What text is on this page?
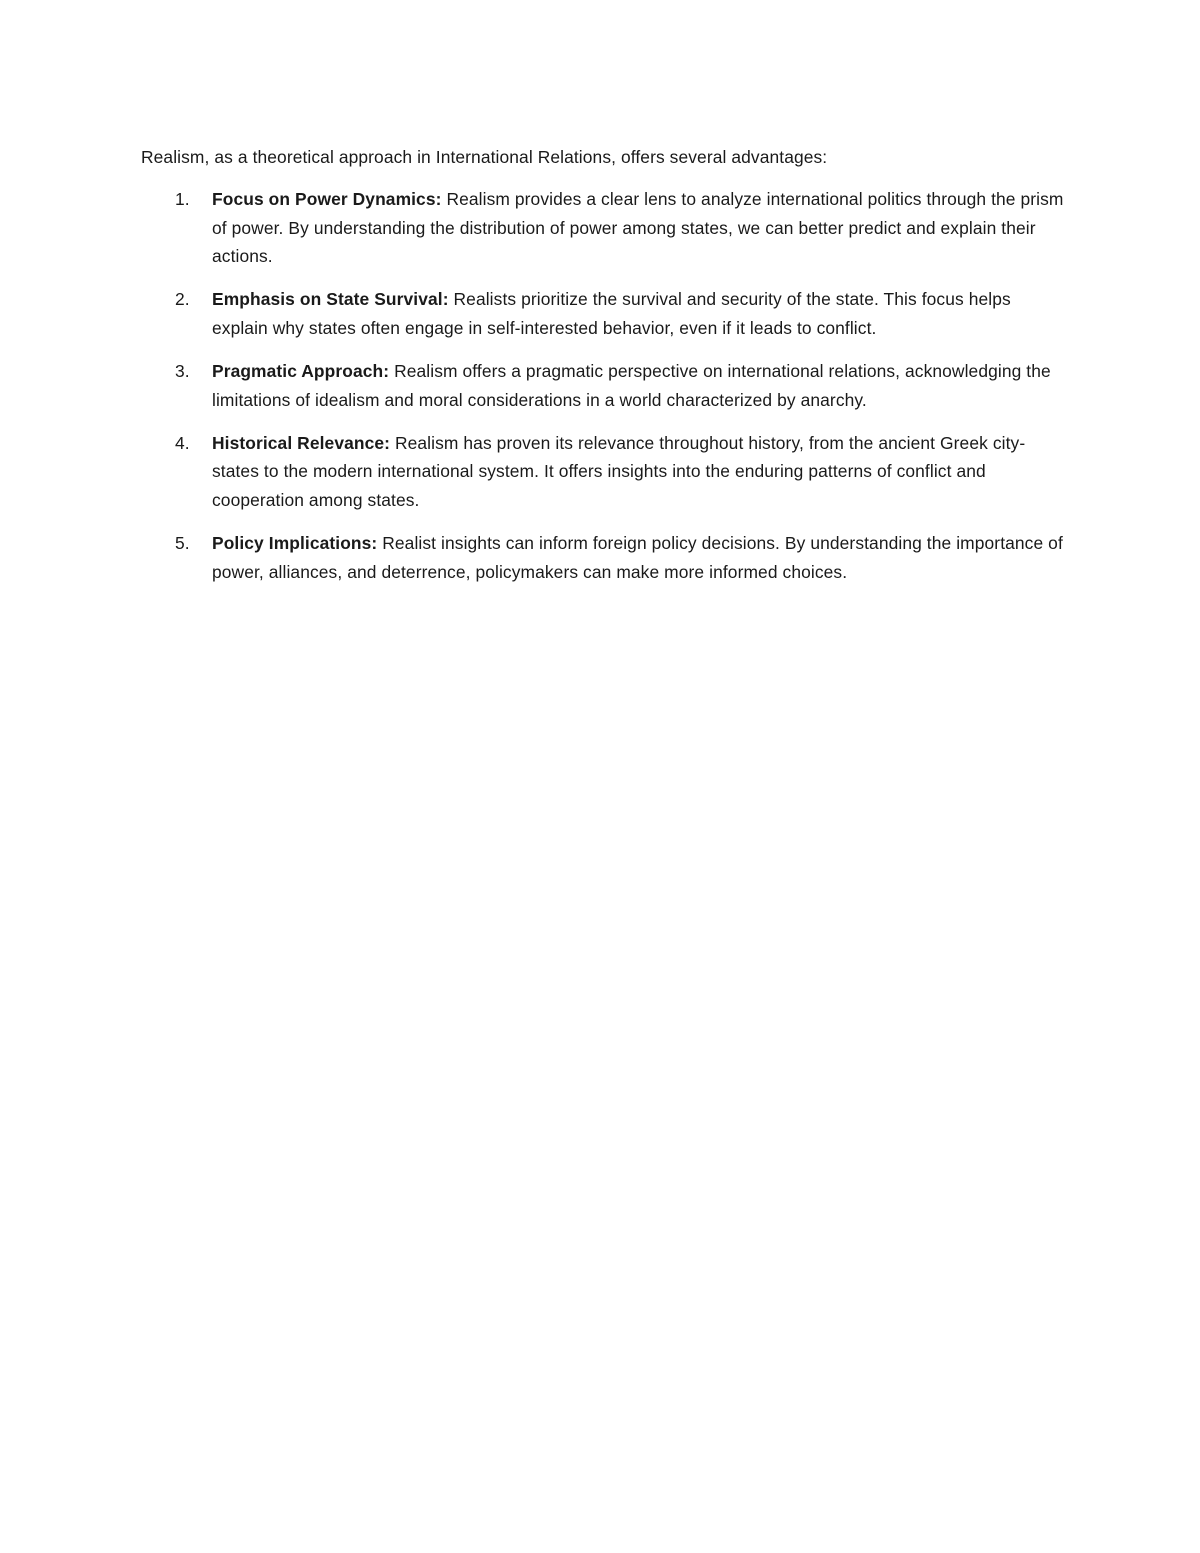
Realism, as a theoretical approach in International Relations, offers several advantages:

1. Focus on Power Dynamics: Realism provides a clear lens to analyze international politics through the prism of power. By understanding the distribution of power among states, we can better predict and explain their actions.
2. Emphasis on State Survival: Realists prioritize the survival and security of the state. This focus helps explain why states often engage in self-interested behavior, even if it leads to conflict.
3. Pragmatic Approach: Realism offers a pragmatic perspective on international relations, acknowledging the limitations of idealism and moral considerations in a world characterized by anarchy.
4. Historical Relevance: Realism has proven its relevance throughout history, from the ancient Greek city-states to the modern international system. It offers insights into the enduring patterns of conflict and cooperation among states.
5. Policy Implications: Realist insights can inform foreign policy decisions. By understanding the importance of power, alliances, and deterrence, policymakers can make more informed choices.
